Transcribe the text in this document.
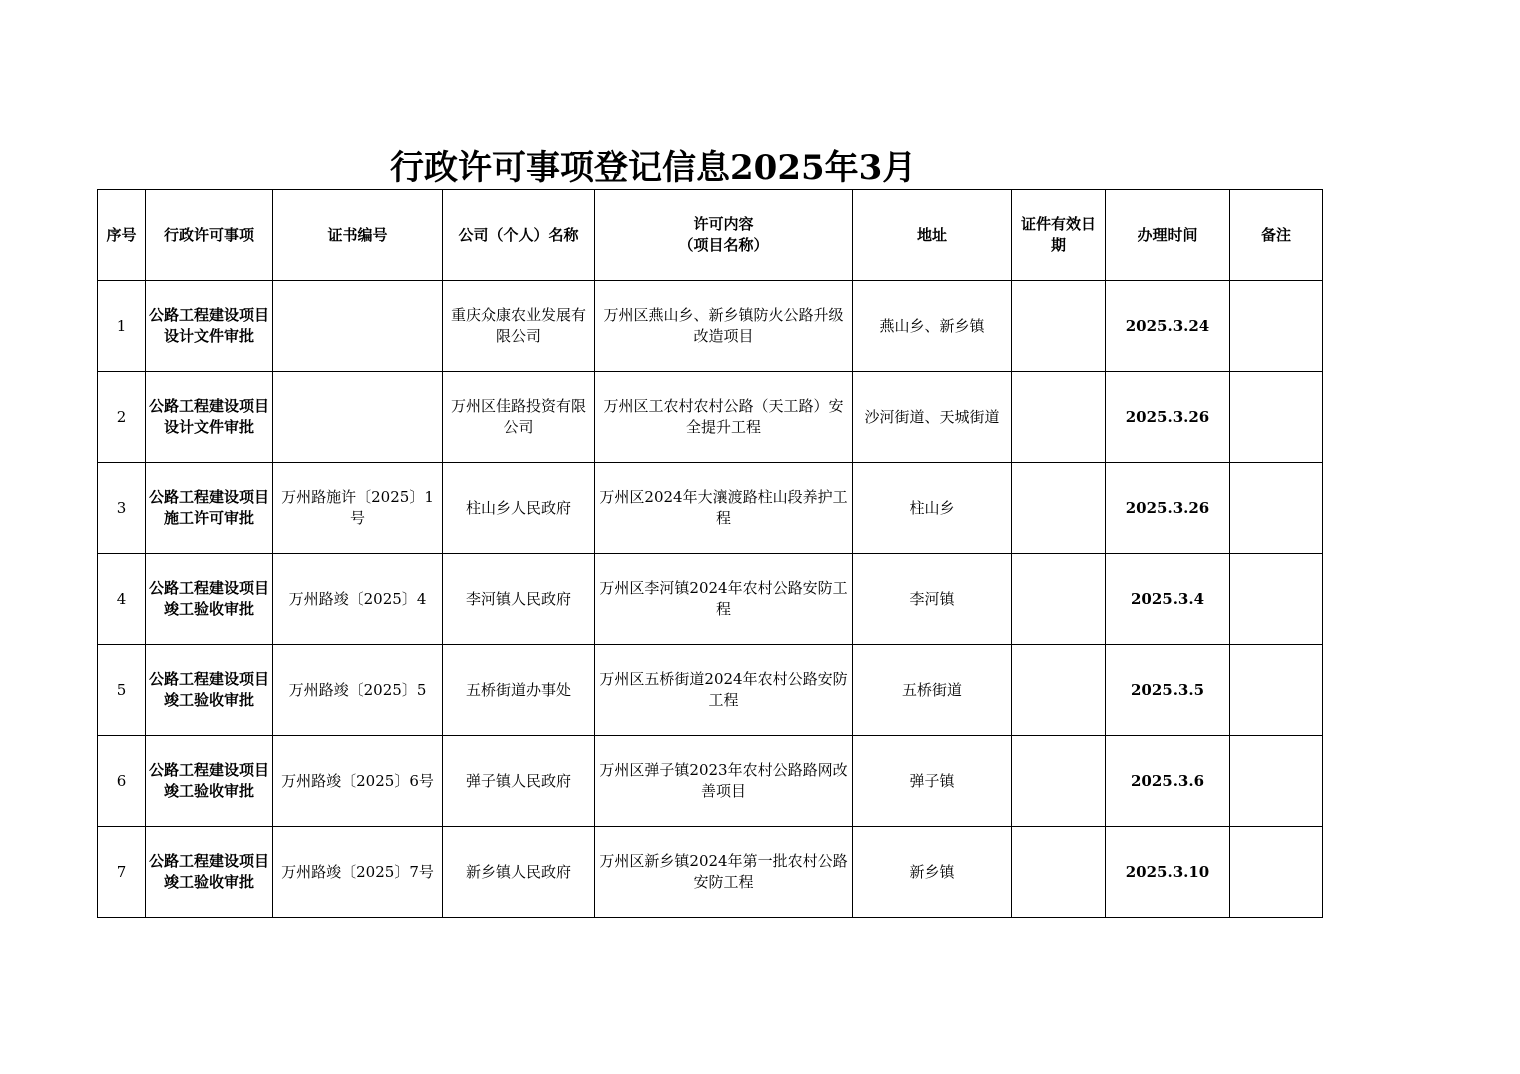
行政许可事项登记信息2025年3月
序号	行政许可事项	证书编号	公司（个人）名称	许可内容
（项目名称）	地址	证件有效日期	办理时间	备注
1	公路工程建设项目设计文件审批		重庆众康农业发展有限公司	万州区燕山乡、新乡镇防火公路升级改造项目	燕山乡、新乡镇		2025.3.24	
2	公路工程建设项目设计文件审批		万州区佳路投资有限公司	万州区工农村农村公路（天工路）安全提升工程	沙河街道、天城街道		2025.3.26	
3	公路工程建设项目施工许可审批	万州路施许〔2025〕1号	柱山乡人民政府	万州区2024年大瀼渡路柱山段养护工程	柱山乡		2025.3.26	
4	公路工程建设项目竣工验收审批	万州路竣〔2025〕4	李河镇人民政府	万州区李河镇2024年农村公路安防工程	李河镇		2025.3.4	
5	公路工程建设项目竣工验收审批	万州路竣〔2025〕5	五桥街道办事处	万州区五桥街道2024年农村公路安防工程	五桥街道		2025.3.5	
6	公路工程建设项目竣工验收审批	万州路竣〔2025〕6号	弹子镇人民政府	万州区弹子镇2023年农村公路路网改善项目	弹子镇		2025.3.6	
7	公路工程建设项目竣工验收审批	万州路竣〔2025〕7号	新乡镇人民政府	万州区新乡镇2024年第一批农村公路安防工程	新乡镇		2025.3.10	
